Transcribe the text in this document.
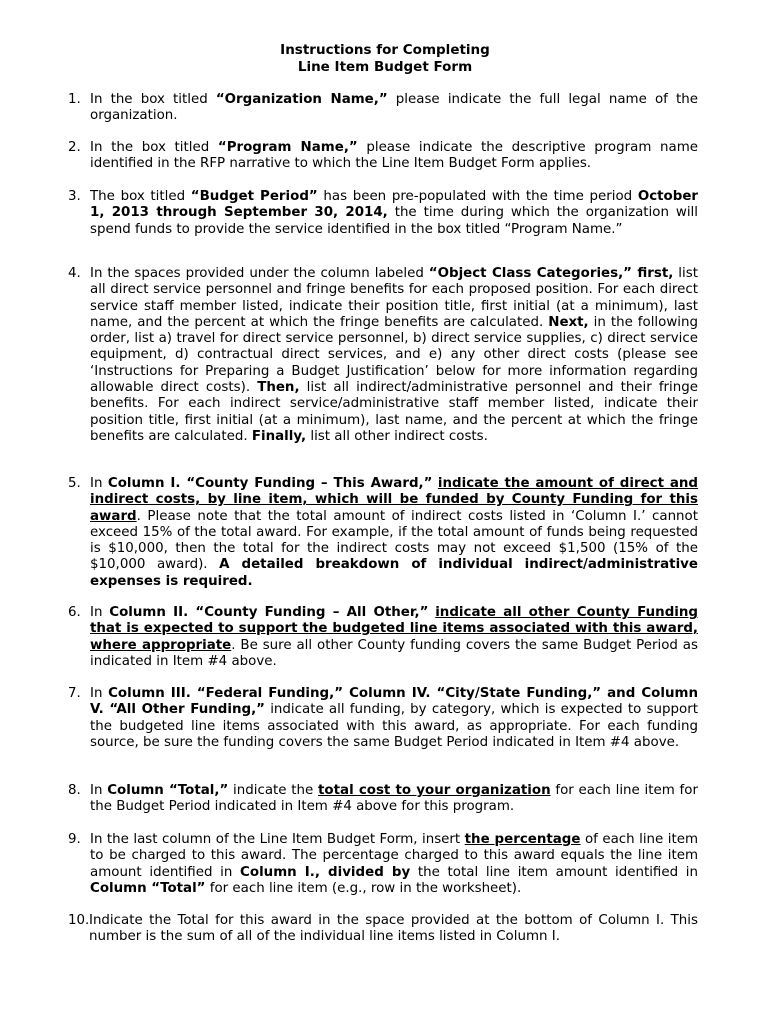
Instructions for Completing
Line Item Budget Form
1. In the box titled “Organization Name,” please indicate the full legal name of the organization.
2. In the box titled “Program Name,” please indicate the descriptive program name identified in the RFP narrative to which the Line Item Budget Form applies.
3. The box titled “Budget Period” has been pre-populated with the time period October 1, 2013 through September 30, 2014, the time during which the organization will spend funds to provide the service identified in the box titled “Program Name.”
4. In the spaces provided under the column labeled “Object Class Categories,” first, list all direct service personnel and fringe benefits for each proposed position. For each direct service staff member listed, indicate their position title, first initial (at a minimum), last name, and the percent at which the fringe benefits are calculated. Next, in the following order, list a) travel for direct service personnel, b) direct service supplies, c) direct service equipment, d) contractual direct services, and e) any other direct costs (please see ‘Instructions for Preparing a Budget Justification’ below for more information regarding allowable direct costs). Then, list all indirect/administrative personnel and their fringe benefits. For each indirect service/administrative staff member listed, indicate their position title, first initial (at a minimum), last name, and the percent at which the fringe benefits are calculated. Finally, list all other indirect costs.
5. In Column I. “County Funding – This Award,” indicate the amount of direct and indirect costs, by line item, which will be funded by County Funding for this award. Please note that the total amount of indirect costs listed in ‘Column I.’ cannot exceed 15% of the total award. For example, if the total amount of funds being requested is $10,000, then the total for the indirect costs may not exceed $1,500 (15% of the $10,000 award). A detailed breakdown of individual indirect/administrative expenses is required.
6. In Column II. “County Funding – All Other,” indicate all other County Funding that is expected to support the budgeted line items associated with this award, where appropriate. Be sure all other County funding covers the same Budget Period as indicated in Item #4 above.
7. In Column III. “Federal Funding,” Column IV. “City/State Funding,” and Column V. “All Other Funding,” indicate all funding, by category, which is expected to support the budgeted line items associated with this award, as appropriate. For each funding source, be sure the funding covers the same Budget Period indicated in Item #4 above.
8. In Column “Total,” indicate the total cost to your organization for each line item for the Budget Period indicated in Item #4 above for this program.
9. In the last column of the Line Item Budget Form, insert the percentage of each line item to be charged to this award. The percentage charged to this award equals the line item amount identified in Column I., divided by the total line item amount identified in Column “Total” for each line item (e.g., row in the worksheet).
10. Indicate the Total for this award in the space provided at the bottom of Column I. This number is the sum of all of the individual line items listed in Column I.
